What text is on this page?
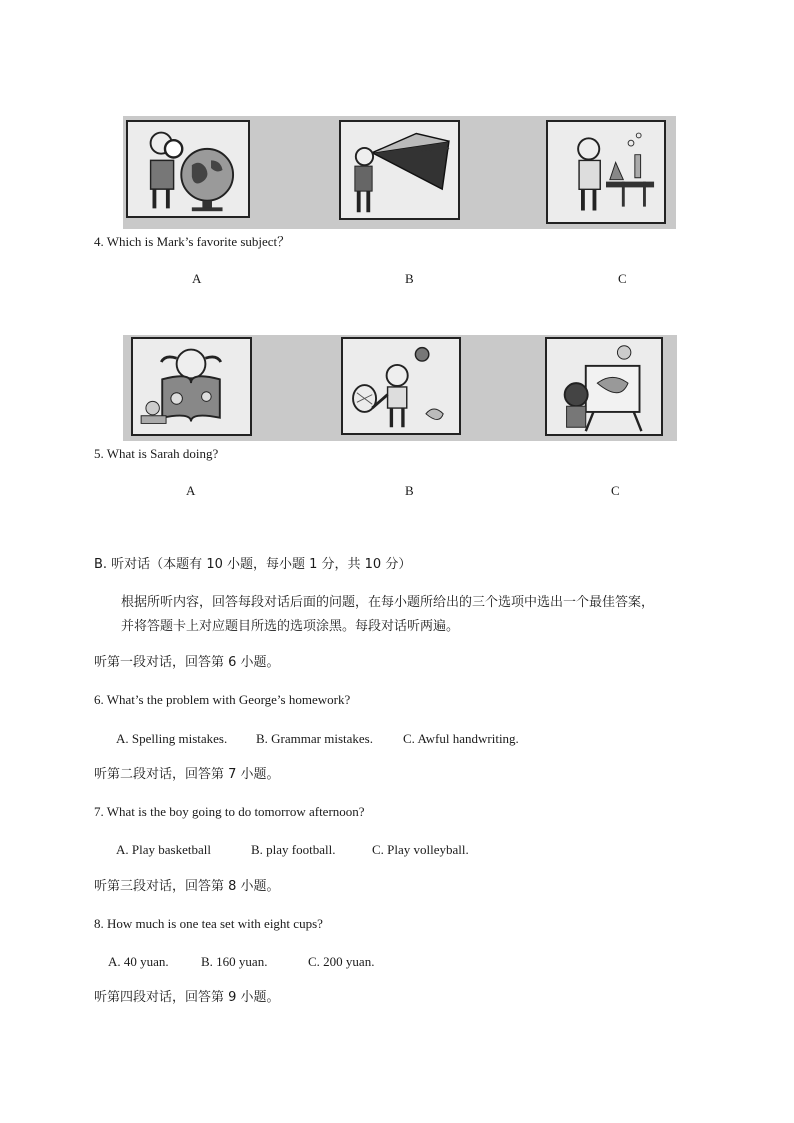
4. Which is Mark’s favorite subject？
A	B	C
5. What is Sarah doing?
A	B	C
B. 听对话（本题有 10 小题，每小题 1 分，共 10 分）
根据所听内容，回答每段对话后面的问题，在每小题所给出的三个选项中选出一个最佳答案，
并将答题卡上对应题目所选的选项涂黑。每段对话听两遍。
听第一段对话，回答第 6 小题。
6. What’s the problem with George’s homework?
A. Spelling mistakes. B. Grammar mistakes. C. Awful handwriting.
听第二段对话，回答第 7 小题。
7. What is the boy going to do tomorrow afternoon?
A. Play basketball	B. play football.	C. Play volleyball.
听第三段对话，回答第 8 小题。
8. How much is one tea set with eight cups?
A. 40 yuan. B. 160 yuan.	C. 200 yuan.
听第四段对话，回答第 9 小题。
